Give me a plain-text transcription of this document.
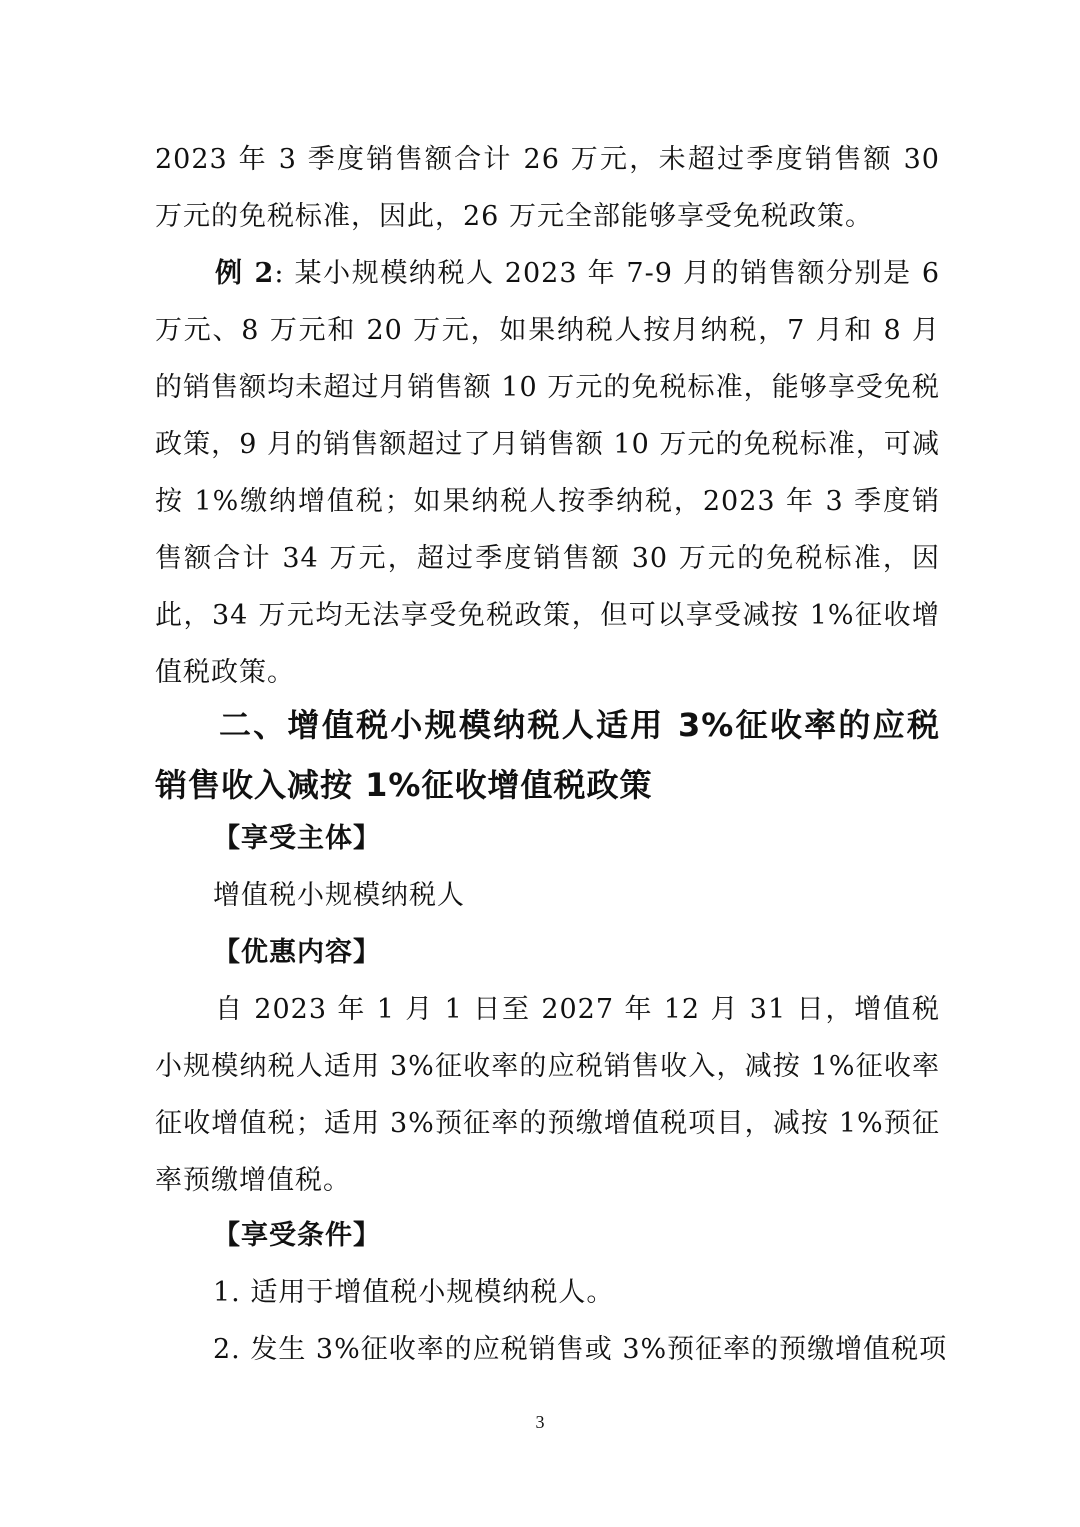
2023 年 3 季度销售额合计 26 万元，未超过季度销售额 30 万元的免税标准，因此，26 万元全部能够享受免税政策。

例 2: 某小规模纳税人 2023 年 7-9 月的销售额分别是 6 万元、8 万元和 20 万元，如果纳税人按月纳税，7 月和 8 月的销售额均未超过月销售额 10 万元的免税标准，能够享受免税政策，9 月的销售额超过了月销售额 10 万元的免税标准，可减按 1%缴纳增值税；如果纳税人按季纳税，2023 年 3 季度销售额合计 34 万元，超过季度销售额 30 万元的免税标准，因此，34 万元均无法享受免税政策，但可以享受减按 1%征收增值税政策。

二、增值税小规模纳税人适用 3%征收率的应税销售收入减按 1%征收增值税政策

【享受主体】
增值税小规模纳税人
【优惠内容】

自 2023 年 1 月 1 日至 2027 年 12 月 31 日，增值税小规模纳税人适用 3%征收率的应税销售收入，减按 1%征收率征收增值税；适用 3%预征率的预缴增值税项目，减按 1%预征率预缴增值税。

【享受条件】
1. 适用于增值税小规模纳税人。
2. 发生 3%征收率的应税销售或 3%预征率的预缴增值税项
3
